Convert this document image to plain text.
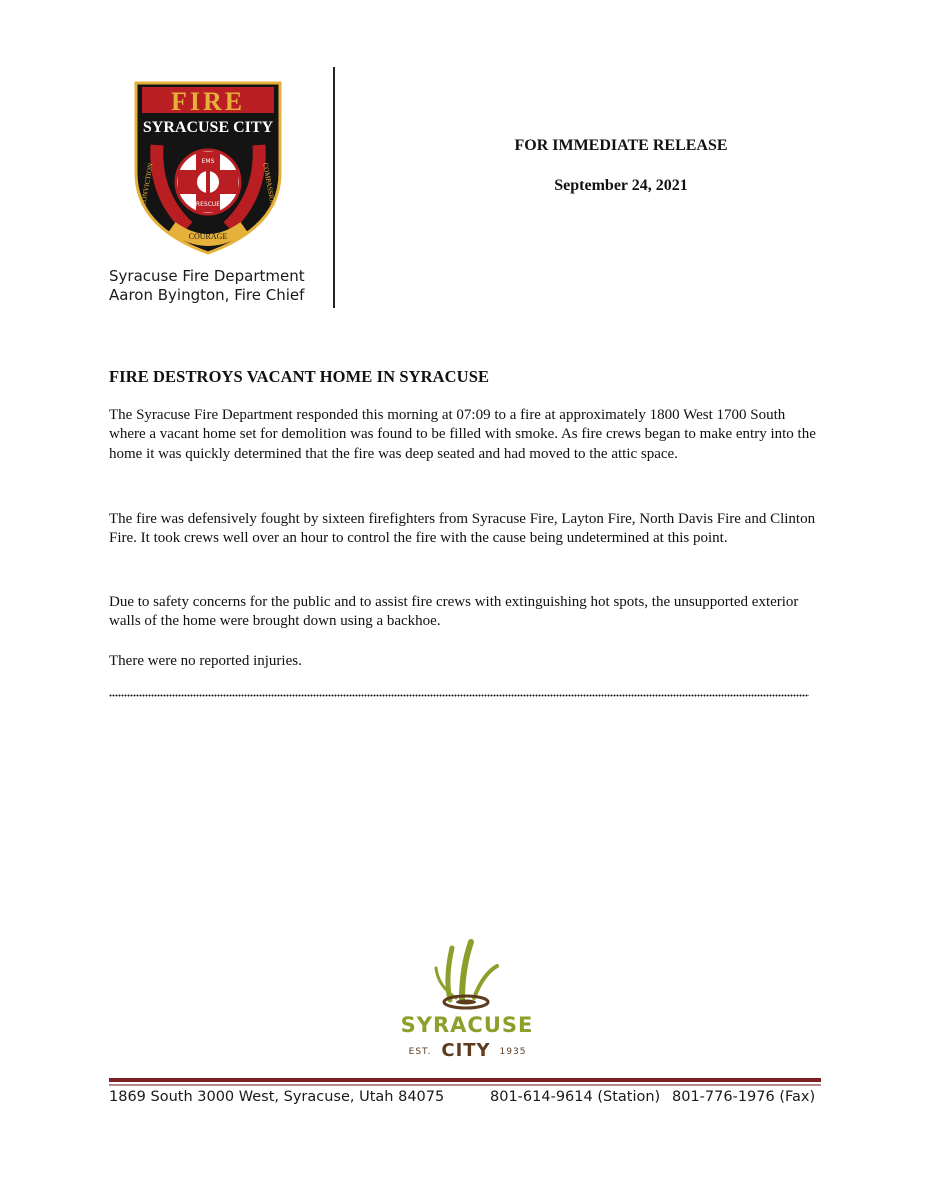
FIRE
SYRACUSE CITY
EMS
RESCUE
EST. 1965
CONVICTION	COMPASSION
COURAGE
Syracuse Fire Department
Aaron Byington, Fire Chief
FOR IMMEDIATE RELEASE
September 24, 2021
FIRE DESTROYS VACANT HOME IN SYRACUSE
The Syracuse Fire Department responded this morning at 07:09 to a fire at approximately 1800 West 1700 South where a vacant home set for demolition was found to be filled with smoke. As fire crews began to make entry into the home it was quickly determined that the fire was deep seated and had moved to the attic space.
The fire was defensively fought by sixteen firefighters from Syracuse Fire, Layton Fire, North Davis Fire and Clinton Fire. It took crews well over an hour to control the fire with the cause being undetermined at this point.
Due to safety concerns for the public and to assist fire crews with extinguishing hot spots, the unsupported exterior walls of the home were brought down using a backhoe.
There were no reported injuries.
SYRACUSE
EST. CITY 1935
1869 South 3000 West, Syracuse, Utah 84075	801-614-9614 (Station) 801-776-1976 (Fax)
